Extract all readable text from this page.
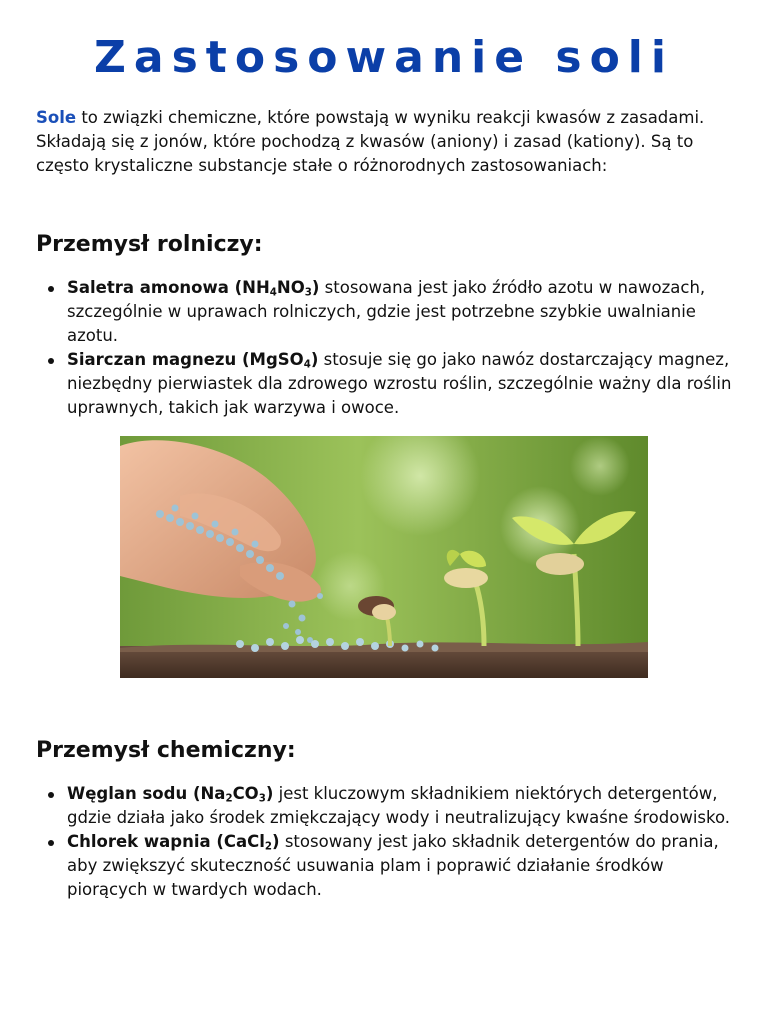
Zastosowanie soli

Sole to związki chemiczne, które powstają w wyniku reakcji kwasów z zasadami. Składają się z jonów, które pochodzą z kwasów (aniony) i zasad (kationy). Są to często krystaliczne substancje stałe o różnorodnych zastosowaniach:

Przemysł rolniczy:
Saletra amonowa $(NH_4NO_3)$ stosowana jest jako źródło azotu w nawozach, szczególnie w uprawach rolniczych, gdzie jest potrzebne szybkie uwalnianie azotu.
Siarczan magnezu (MgSO$_4$) stosuje się go jako nawóz dostarczający magnez, niezbędny pierwiastek dla zdrowego wzrostu roślin, szczególnie ważny dla roślin uprawnych, takich jak warzywa i owoce.
Przemysł chemiczny:
Węglan sodu $(Na_2CO_3)$ jest kluczowym składnikiem niektórych detergentów, gdzie działa jako środek zmiękczający wody i neutralizujący kwaśne środowisko.
Chlorek wapnia (CaCl$_2$) stosowany jest jako składnik detergentów do prania, aby zwiększyć skuteczność usuwania plam i poprawić działanie środków piorących w twardych wodach.
